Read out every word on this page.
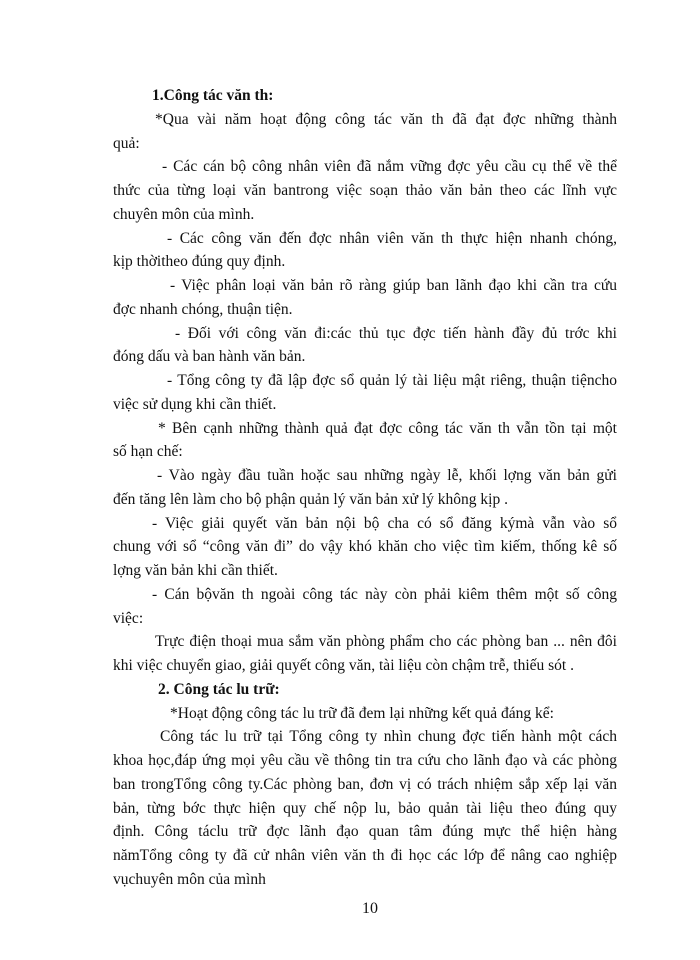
1.Công tác văn th:
*Qua vài năm hoạt động công tác văn th đã đạt đợc những thành
quả:
- Các cán bộ công nhân viên đã nắm vững đợc yêu cầu cụ thể về thể
thức của từng loại văn bantrong việc soạn thảo văn bản theo các lĩnh vực
chuyên môn của mình.
- Các công văn đến đợc nhân viên văn th thực hiện nhanh chóng,
kịp thờitheo đúng quy định.
- Việc phân loại văn bản rõ ràng giúp ban lãnh đạo khi cần tra cứu
đợc nhanh chóng, thuận tiện.
- Đối với công văn đi:các thủ tục đợc tiến hành đầy đủ trớc khi
đóng dấu và ban hành văn bản.
- Tổng công ty đã lập đợc sổ quản lý tài liệu mật riêng, thuận tiệncho
việc sử dụng khi cần thiết.
* Bên cạnh những thành quả đạt đợc công tác văn th vẫn tồn tại một
số hạn chế:
- Vào ngày đầu tuần hoặc sau những ngày lễ, khối lợng văn bản gửi
đến tăng lên làm cho bộ phận quản lý văn bản xử lý không kịp .
- Việc giải quyết văn bản nội bộ cha có sổ đăng kýmà vẫn vào sổ
chung với sổ “công văn đi” do vậy khó khăn cho việc tìm kiếm, thống kê số
lợng văn bản khi cần thiết.
- Cán bộvăn th ngoài công tác này còn phải kiêm thêm một số công
việc:
Trực điện thoại mua sắm văn phòng phẩm cho các phòng ban ... nên đôi
khi việc chuyển giao, giải quyết công văn, tài liệu còn chậm trễ, thiếu sót .
2. Công tác lu trữ:
*Hoạt động công tác lu trữ đã đem lại những kết quả đáng kể:
Công tác lu trữ tại Tổng công ty nhìn chung đợc tiến hành một cách
khoa học,đáp ứng mọi yêu cầu về thông tin tra cứu cho lãnh đạo và các phòng
ban trongTổng công ty.Các phòng ban, đơn vị có trách nhiệm sắp xếp lại văn
bản, từng bớc thực hiện quy chế nộp lu, bảo quản tài liệu theo đúng quy
định. Công táclu trữ đợc lãnh đạo quan tâm đúng mực thể hiện hàng
nămTổng công ty đã cử nhân viên văn th đi học các lớp để nâng cao nghiệp
vụchuyên môn của mình
10
